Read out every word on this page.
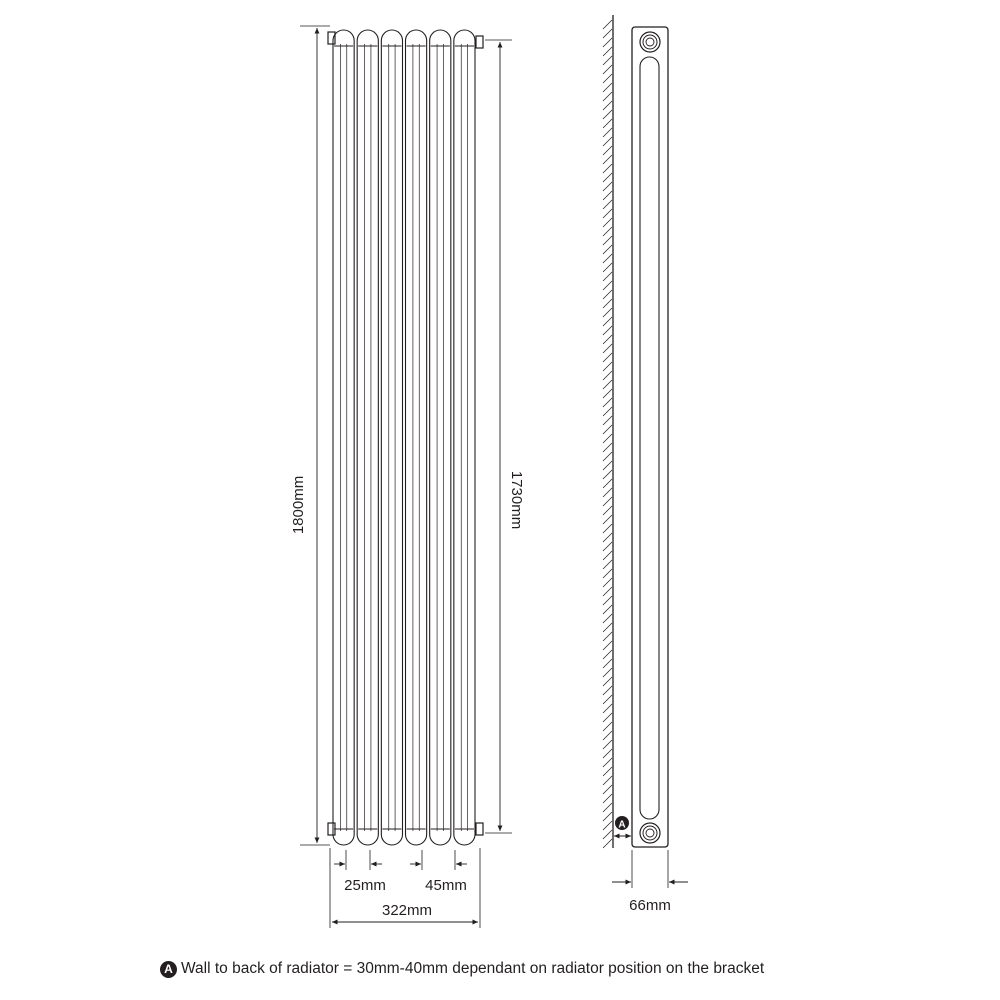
1800mm	1730mm
25mm	45mm
322mm
A
66mm
A Wall to back of radiator = 30mm-40mm dependant on radiator position on the bracket
